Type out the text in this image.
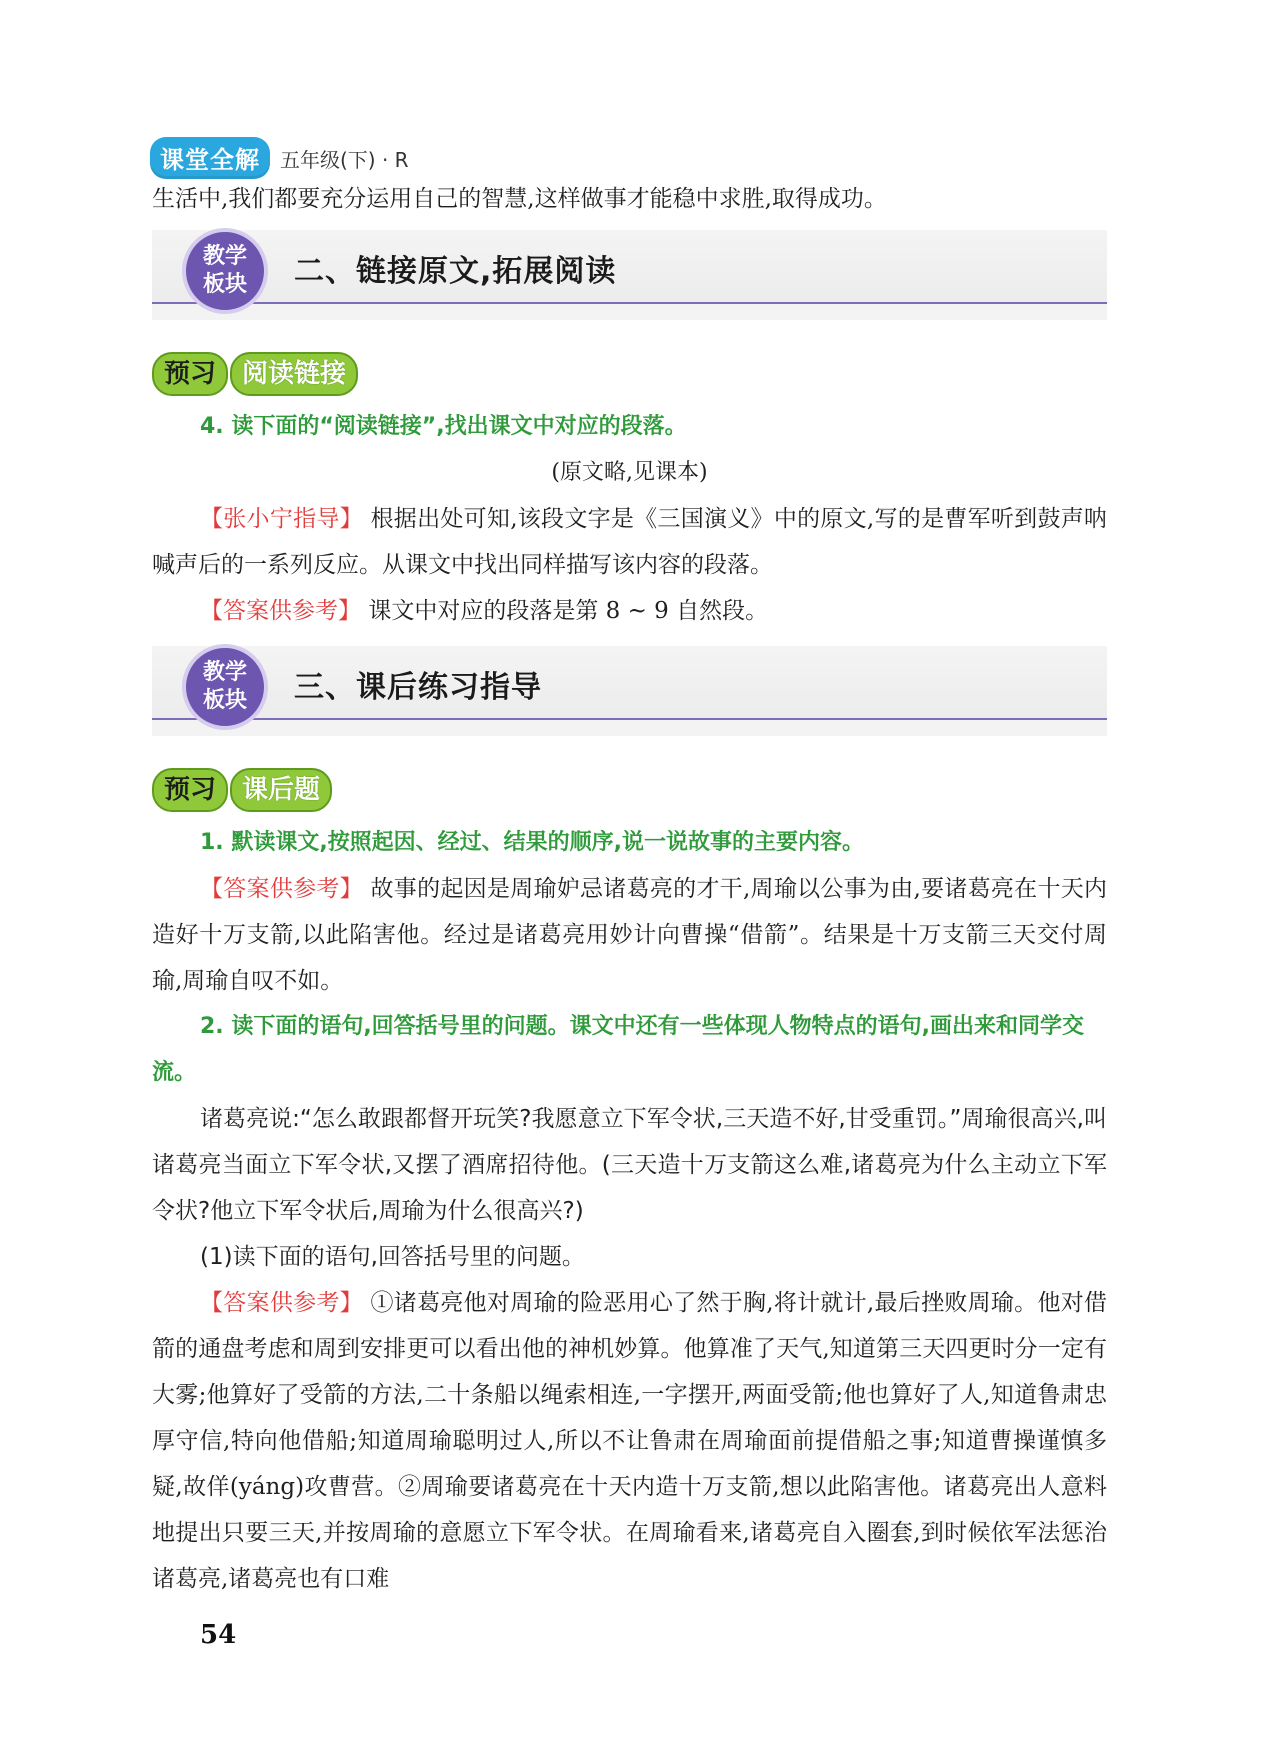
课堂全解	五年级(下) · R
生活中,我们都要充分运用自己的智慧,这样做事才能稳中求胜,取得成功。
教学
板块 二、链接原文,拓展阅读
预习	阅读链接
4. 读下面的“阅读链接”,找出课文中对应的段落。
(原文略,见课本)
【张小宁指导】 根据出处可知,该段文字是《三国演义》中的原文,写的是曹军听到鼓声呐喊声后的一系列反应。从课文中找出同样描写该内容的段落。
【答案供参考】 课文中对应的段落是第 8 ~ 9 自然段。
教学
板块 三、课后练习指导
预习	课后题
1. 默读课文,按照起因、经过、结果的顺序,说一说故事的主要内容。
【答案供参考】 故事的起因是周瑜妒忌诸葛亮的才干,周瑜以公事为由,要诸葛亮在十天内造好十万支箭,以此陷害他。经过是诸葛亮用妙计向曹操“借箭”。结果是十万支箭三天交付周瑜,周瑜自叹不如。
2. 读下面的语句,回答括号里的问题。课文中还有一些体现人物特点的语句,画出来和同学交流。
诸葛亮说:“怎么敢跟都督开玩笑?我愿意立下军令状,三天造不好,甘受重罚。”周瑜很高兴,叫诸葛亮当面立下军令状,又摆了酒席招待他。(三天造十万支箭这么难,诸葛亮为什么主动立下军令状?他立下军令状后,周瑜为什么很高兴?)
(1)读下面的语句,回答括号里的问题。
【答案供参考】 ①诸葛亮他对周瑜的险恶用心了然于胸,将计就计,最后挫败周瑜。他对借箭的通盘考虑和周到安排更可以看出他的神机妙算。他算准了天气,知道第三天四更时分一定有大雾;他算好了受箭的方法,二十条船以绳索相连,一字摆开,两面受箭;他也算好了人,知道鲁肃忠厚守信,特向他借船;知道周瑜聪明过人,所以不让鲁肃在周瑜面前提借船之事;知道曹操谨慎多疑,故佯(yáng)攻曹营。②周瑜要诸葛亮在十天内造十万支箭,想以此陷害他。诸葛亮出人意料地提出只要三天,并按周瑜的意愿立下军令状。在周瑜看来,诸葛亮自入圈套,到时候依军法惩治诸葛亮,诸葛亮也有口难
54
